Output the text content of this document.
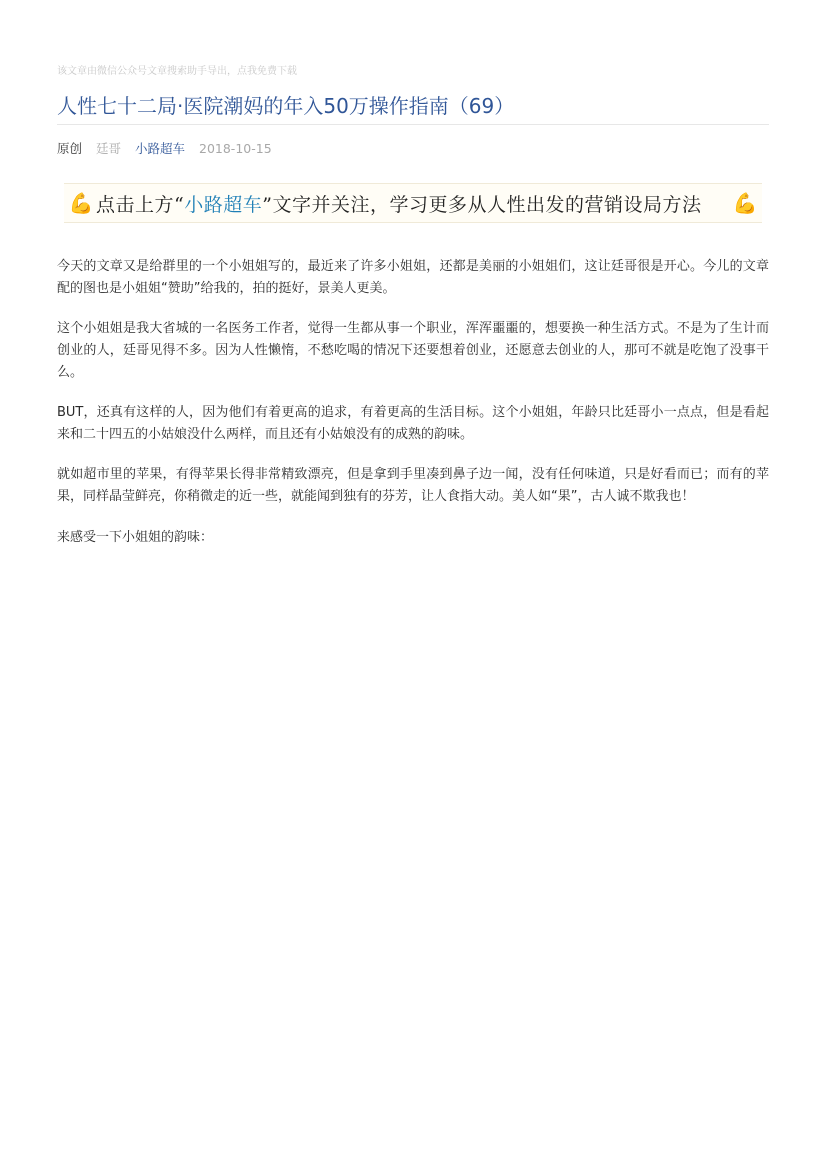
该文章由微信公众号文章搜索助手导出，点我免费下载
人性七十二局·医院潮妈的年入50万操作指南（69）
原创 廷哥 小路超车 2018-10-15
💪 点击上方“小路超车”文字并关注，学习更多从人性出发的营销设局方法	💪

今天的文章又是给群里的一个小姐姐写的，最近来了许多小姐姐，还都是美丽的小姐姐们，这让廷哥很是开心。今儿的文章配的图也是小姐姐“赞助”给我的，拍的挺好，景美人更美。

这个小姐姐是我大省城的一名医务工作者，觉得一生都从事一个职业，浑浑噩噩的，想要换一种生活方式。不是为了生计而创业的人，廷哥见得不多。因为人性懒惰，不愁吃喝的情况下还要想着创业，还愿意去创业的人，那可不就是吃饱了没事干么。

BUT，还真有这样的人，因为他们有着更高的追求，有着更高的生活目标。这个小姐姐，年龄只比廷哥小一点点，但是看起来和二十四五的小姑娘没什么两样，而且还有小姑娘没有的成熟的韵味。

就如超市里的苹果，有得苹果长得非常精致漂亮，但是拿到手里凑到鼻子边一闻，没有任何味道，只是好看而已；而有的苹果，同样晶莹鲜亮，你稍微走的近一些，就能闻到独有的芬芳，让人食指大动。美人如“果”，古人诚不欺我也！

来感受一下小姐姐的韵味：
